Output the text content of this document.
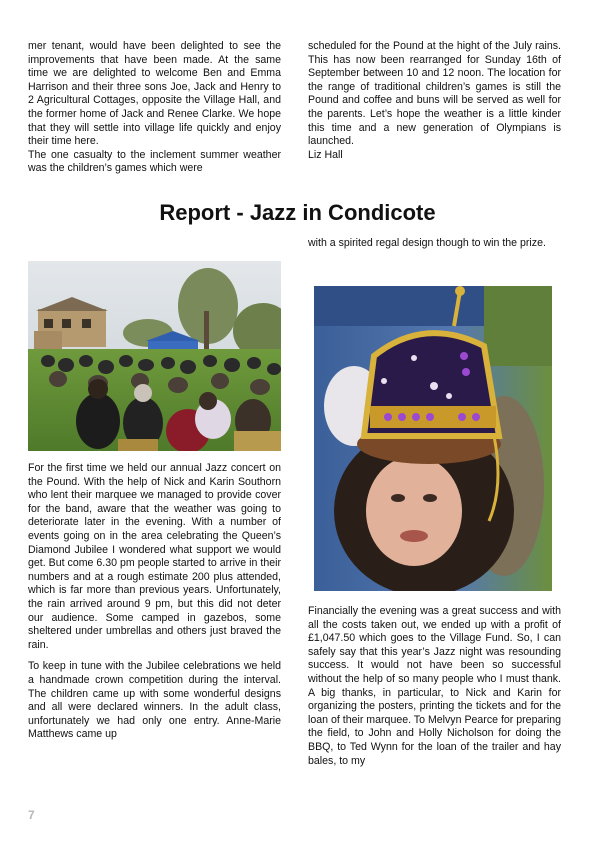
mer tenant, would have been delighted to see the improvements that have been made. At the same time we are delighted to welcome Ben and Emma Harrison and their three sons Joe, Jack and Henry to 2 Agricultural Cottages, opposite the Village Hall, and the former home of Jack and Renee Clarke. We hope that they will settle into village life quickly and enjoy their time here.

The one casualty to the inclement summer weather was the children’s games which were

scheduled for the Pound at the hight of the July rains. This has now been rearranged for Sunday 16th of September between 10 and 12 noon. The location for the range of traditional children’s games is still the Pound and coffee and buns will be served as well for the parents. Let’s hope the weather is a little kinder this time and a new generation of Olympians is launched.

Liz Hall

Report - Jazz in Condicote

with a spirited regal design though to win the prize.

For the first time we held our annual Jazz concert on the Pound. With the help of Nick and Karin Southorn who lent their marquee we managed to provide cover for the band, aware that the weather was going to deteriorate later in the evening. With a number of events going on in the area celebrating the Queen’s Diamond Jubilee I wondered what support we would get. But come 6.30 pm people started to arrive in their numbers and at a rough estimate 200 plus attended, which is far more than previous years. Unfortunately, the rain arrived around 9 pm, but this did not deter our audience. Some camped in gazebos, some sheltered under umbrellas and others just braved the rain.

To keep in tune with the Jubilee celebrations we held a handmade crown competition during the interval. The children came up with some wonderful designs and all were declared winners. In the adult class, unfortunately we had only one entry. Anne-Marie Matthews came up

Financially the evening was a great success and with all the costs taken out, we ended up with a profit of £1,047.50 which goes to the Village Fund. So, I can safely say that this year’s Jazz night was resounding success. It would not have been so successful without the help of so many people who I must thank. A big thanks, in particular, to Nick and Karin for organizing the posters, printing the tickets and for the loan of their marquee. To Melvyn Pearce for preparing the field, to John and Holly Nicholson for doing the BBQ, to Ted Wynn for the loan of the trailer and hay bales, to my

7
